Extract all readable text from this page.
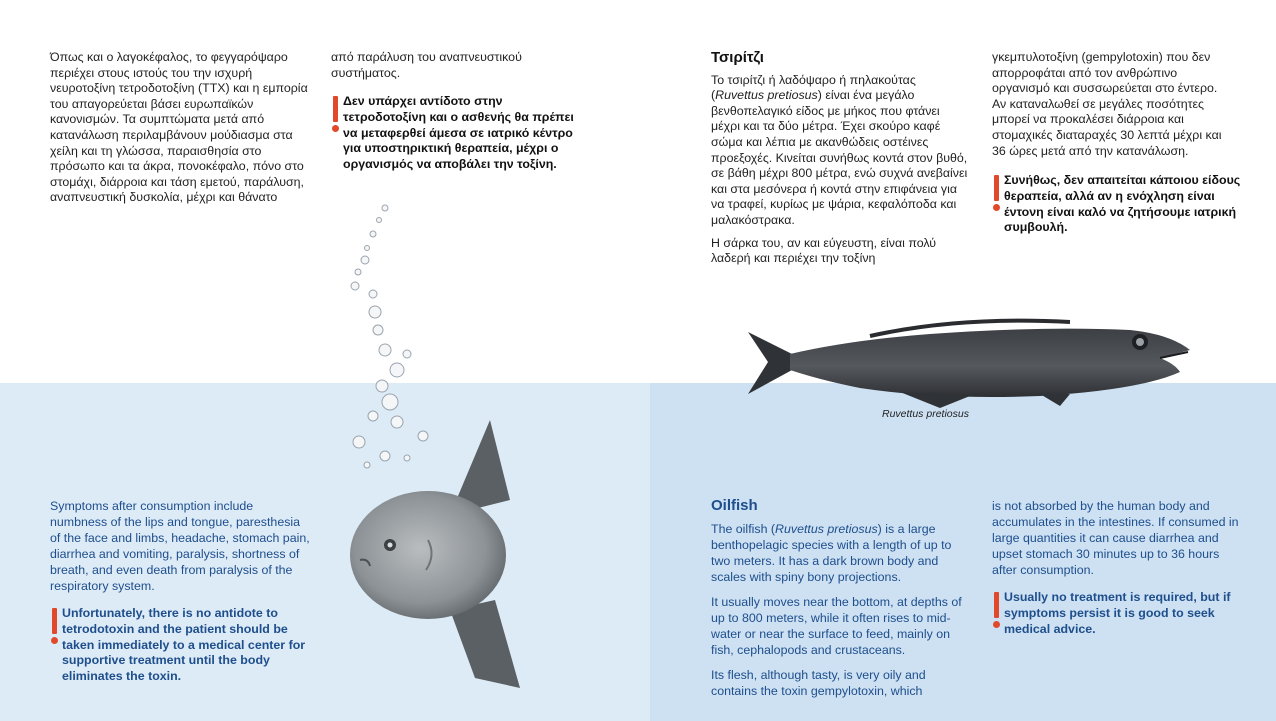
Όπως και ο λαγοκέφαλος, το φεγγαρόψαρο περιέχει στους ιστούς του την ισχυρή νευροτοξίνη τετροδοτοξίνη (TTX) και η εμπορία του απαγορεύεται βάσει ευρωπαϊκών κανονισμών. Τα συμπτώματα μετά από κατανάλωση περιλαμβάνουν μούδιασμα στα χείλη και τη γλώσσα, παραισθησία στο πρόσωπο και τα άκρα, πονοκέφαλο, πόνο στο στομάχι, διάρροια και τάση εμετού, παράλυση, αναπνευστική δυσκολία, μέχρι και θάνατο

από παράλυση του αναπνευστικού συστήματος.

Δεν υπάρχει αντίδοτο στην τετροδοτοξίνη και ο ασθενής θα πρέπει να μεταφερθεί άμεσα σε ιατρικό κέντρο για υποστηρικτική θεραπεία, μέχρι ο οργανισμός να αποβάλει την τοξίνη.
Τσιρίτζι

Το τσιρίτζι ή λαδόψαρο ή πηλακούτας (Ruvettus pretiosus) είναι ένα μεγάλο βενθοπελαγικό είδος με μήκος που φτάνει μέχρι και τα δύο μέτρα. Έχει σκούρο καφέ σώμα και λέπια με ακανθώδεις οστέινες προεξοχές. Κινείται συνήθως κοντά στον βυθό, σε βάθη μέχρι 800 μέτρα, ενώ συχνά ανεβαίνει και στα μεσόνερα ή κοντά στην επιφάνεια για να τραφεί, κυρίως με ψάρια, κεφαλόποδα και μαλακόστρακα.

Η σάρκα του, αν και εύγευστη, είναι πολύ λαδερή και περιέχει την τοξίνη

γκεμπυλοτοξίνη (gempylotoxin) που δεν απορροφάται από τον ανθρώπινο οργανισμό και συσσωρεύεται στο έντερο. Αν καταναλωθεί σε μεγάλες ποσότητες μπορεί να προκαλέσει διάρροια και στομαχικές διαταραχές 30 λεπτά μέχρι και 36 ώρες μετά από την κατανάλωση.

Συνήθως, δεν απαιτείται κάποιου είδους θεραπεία, αλλά αν η ενόχληση είναι έντονη είναι καλό να ζητήσουμε ιατρική συμβουλή.
Ruvettus pretiosus

Symptoms after consumption include numbness of the lips and tongue, paresthesia of the face and limbs, headache, stomach pain, diarrhea and vomiting, paralysis, shortness of breath, and even death from paralysis of the respiratory system.

Unfortunately, there is no antidote to tetrodotoxin and the patient should be taken immediately to a medical center for supportive treatment until the body eliminates the toxin.
Oilfish

The oilfish (Ruvettus pretiosus) is a large benthopelagic species with a length of up to two meters. It has a dark brown body and scales with spiny bony projections.

It usually moves near the bottom, at depths of up to 800 meters, while it often rises to mid-water or near the surface to feed, mainly on fish, cephalopods and crustaceans.

Its flesh, although tasty, is very oily and contains the toxin gempylotoxin, which

is not absorbed by the human body and accumulates in the intestines. If consumed in large quantities it can cause diarrhea and upset stomach 30 minutes up to 36 hours after consumption.

Usually no treatment is required, but if symptoms persist it is good to seek medical advice.
